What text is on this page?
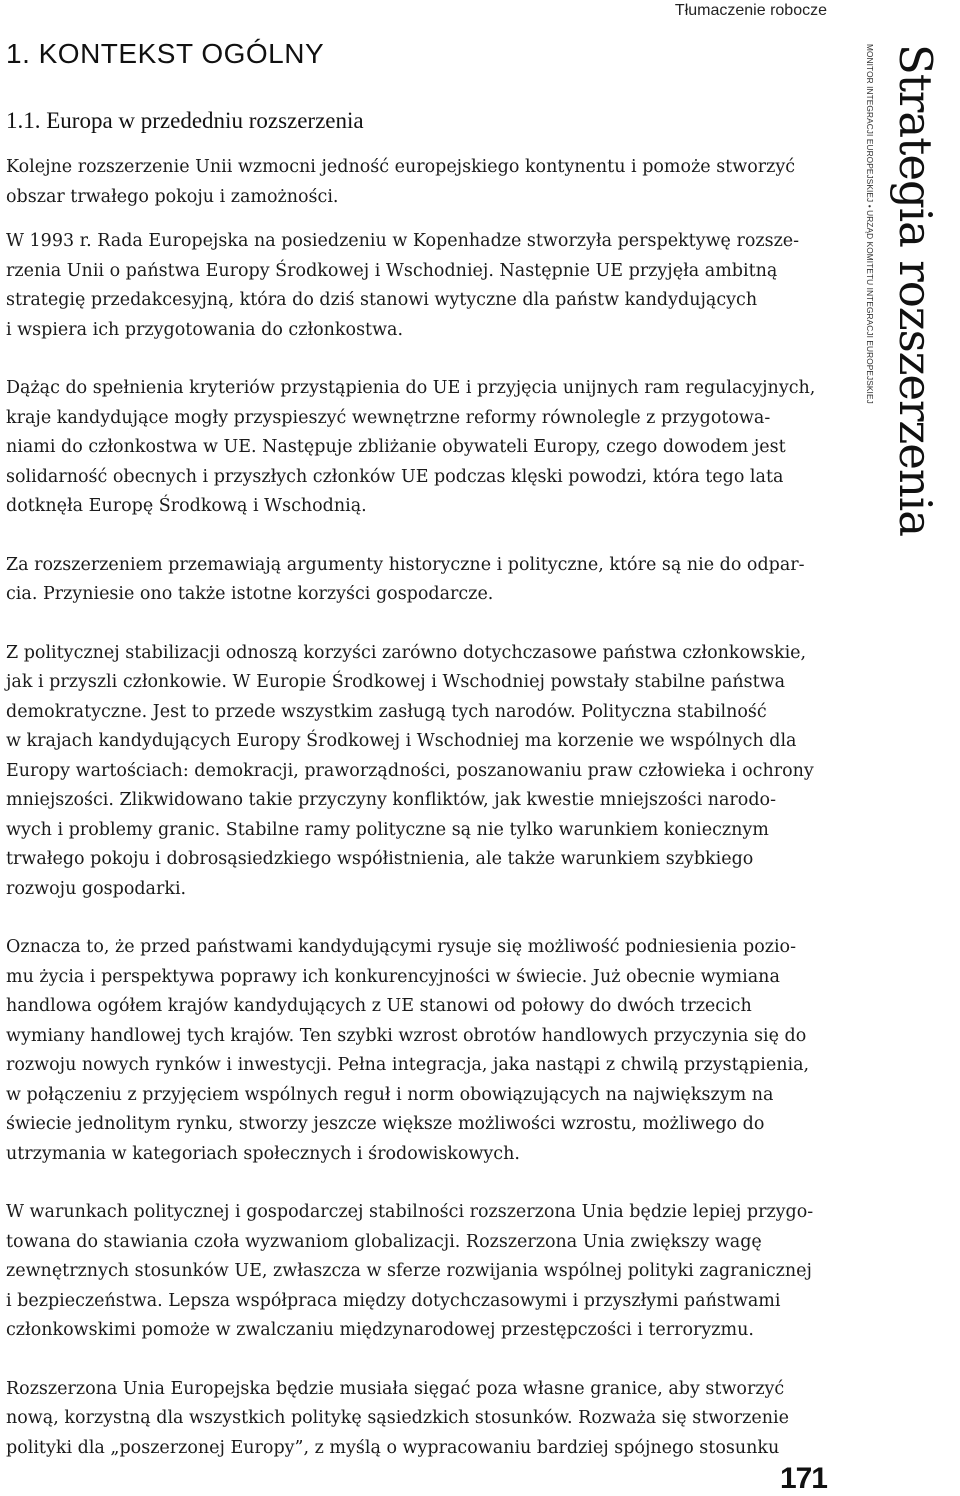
Tłumaczenie robocze

1. KONTEKST OGÓLNY
1.1. Europa w przededniu rozszerzenia

Kolejne rozszerzenie Unii wzmocni jedność europejskiego kontynentu i pomoże stworzyć
obszar trwałego pokoju i zamożności.

W 1993 r. Rada Europejska na posiedzeniu w Kopenhadze stworzyła perspektywę rozsze-
rzenia Unii o państwa Europy Środkowej i Wschodniej. Następnie UE przyjęła ambitną
strategię przedakcesyjną, która do dziś stanowi wytyczne dla państw kandydujących
i wspiera ich przygotowania do członkostwa.

Dążąc do spełnienia kryteriów przystąpienia do UE i przyjęcia unijnych ram regulacyjnych,
kraje kandydujące mogły przyspieszyć wewnętrzne reformy równolegle z przygotowa-
niami do członkostwa w UE. Następuje zbliżanie obywateli Europy, czego dowodem jest
solidarność obecnych i przyszłych członków UE podczas klęski powodzi, która tego lata
dotknęła Europę Środkową i Wschodnią.

Za rozszerzeniem przemawiają argumenty historyczne i polityczne, które są nie do odpar-
cia. Przyniesie ono także istotne korzyści gospodarcze.

Z politycznej stabilizacji odnoszą korzyści zarówno dotychczasowe państwa członkowskie,
jak i przyszli członkowie. W Europie Środkowej i Wschodniej powstały stabilne państwa
demokratyczne. Jest to przede wszystkim zasługą tych narodów. Polityczna stabilność
w krajach kandydujących Europy Środkowej i Wschodniej ma korzenie we wspólnych dla
Europy wartościach: demokracji, praworządności, poszanowaniu praw człowieka i ochrony
mniejszości. Zlikwidowano takie przyczyny konfliktów, jak kwestie mniejszości narodo-
wych i problemy granic. Stabilne ramy polityczne są nie tylko warunkiem koniecznym
trwałego pokoju i dobrosąsiedzkiego współistnienia, ale także warunkiem szybkiego
rozwoju gospodarki.

Oznacza to, że przed państwami kandydującymi rysuje się możliwość podniesienia pozio-
mu życia i perspektywa poprawy ich konkurencyjności w świecie. Już obecnie wymiana
handlowa ogółem krajów kandydujących z UE stanowi od połowy do dwóch trzecich
wymiany handlowej tych krajów. Ten szybki wzrost obrotów handlowych przyczynia się do
rozwoju nowych rynków i inwestycji. Pełna integracja, jaka nastąpi z chwilą przystąpienia,
w połączeniu z przyjęciem wspólnych reguł i norm obowiązujących na największym na
świecie jednolitym rynku, stworzy jeszcze większe możliwości wzrostu, możliwego do
utrzymania w kategoriach społecznych i środowiskowych.

W warunkach politycznej i gospodarczej stabilności rozszerzona Unia będzie lepiej przygo-
towana do stawiania czoła wyzwaniom globalizacji. Rozszerzona Unia zwiększy wagę
zewnętrznych stosunków UE, zwłaszcza w sferze rozwijania wspólnej polityki zagranicznej
i bezpieczeństwa. Lepsza współpraca między dotychczasowymi i przyszłymi państwami
członkowskimi pomoże w zwalczaniu międzynarodowej przestępczości i terroryzmu.

Rozszerzona Unia Europejska będzie musiała sięgać poza własne granice, aby stworzyć
nową, korzystną dla wszystkich politykę sąsiedzkich stosunków. Rozważa się stworzenie
polityki dla „poszerzonej Europy”, z myślą o wypracowaniu bardziej spójnego stosunku

MONITOR INTEGRACJI EUROPEJSKIEJ • URZĄD KOMITETU INTEGRACJI EUROPEJSKIEJ Strategia rozszerzenia

171
